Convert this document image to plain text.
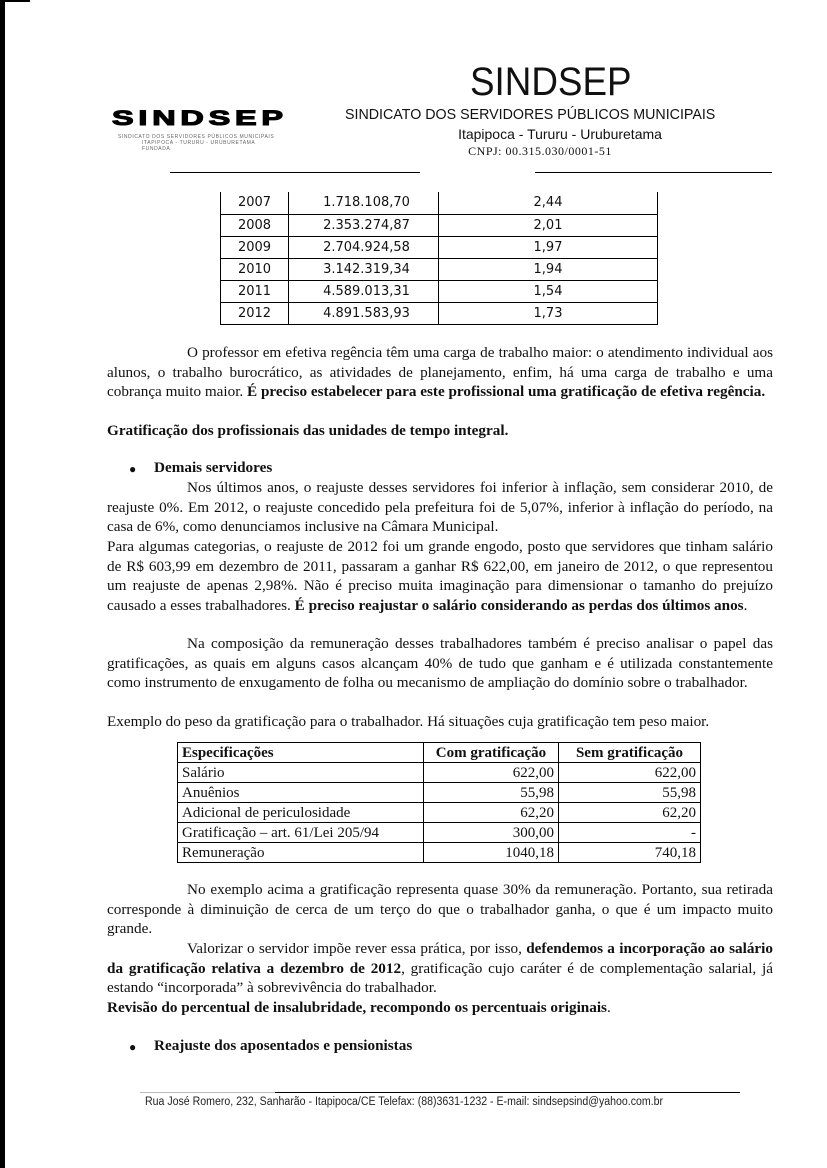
SINDSEP
SINDICATO DOS SERVIDORES PÚBLICOS MUNICIPAIS
ITAPIPOCA - TURURU - URUBURETAMA
FUNDADA
SINDSEP
SINDICATO DOS SERVIDORES PÚBLICOS MUNICIPAIS
Itapipoca - Tururu - Uruburetama
CNPJ: 00.315.030/0001-51
2007	1.718.108,70	2,44
2008	2.353.274,87	2,01
2009	2.704.924,58	1,97
2010	3.142.319,34	1,94
2011	4.589.013,31	1,54
2012	4.891.583,93	1,73
O professor em efetiva regência têm uma carga de trabalho maior: o atendimento individual aos alunos, o trabalho burocrático, as atividades de planejamento, enfim, há uma carga de trabalho e uma cobrança muito maior. É preciso estabelecer para este profissional uma gratificação de efetiva regência.
Gratificação dos profissionais das unidades de tempo integral.
● Demais servidores
Nos últimos anos, o reajuste desses servidores foi inferior à inflação, sem considerar 2010, de reajuste 0%. Em 2012, o reajuste concedido pela prefeitura foi de 5,07%, inferior à inflação do período, na casa de 6%, como denunciamos inclusive na Câmara Municipal.
Para algumas categorias, o reajuste de 2012 foi um grande engodo, posto que servidores que tinham salário de R$ 603,99 em dezembro de 2011, passaram a ganhar R$ 622,00, em janeiro de 2012, o que representou um reajuste de apenas 2,98%. Não é preciso muita imaginação para dimensionar o tamanho do prejuízo causado a esses trabalhadores. É preciso reajustar o salário considerando as perdas dos últimos anos.
Na composição da remuneração desses trabalhadores também é preciso analisar o papel das gratificações, as quais em alguns casos alcançam 40% de tudo que ganham e é utilizada constantemente como instrumento de enxugamento de folha ou mecanismo de ampliação do domínio sobre o trabalhador.
Exemplo do peso da gratificação para o trabalhador. Há situações cuja gratificação tem peso maior.
Especificações	Com gratificação	Sem gratificação
Salário	622,00	622,00
Anuênios	55,98	55,98
Adicional de periculosidade	62,20	62,20
Gratificação – art. 61/Lei 205/94	300,00	-
Remuneração	1040,18	740,18
No exemplo acima a gratificação representa quase 30% da remuneração. Portanto, sua retirada corresponde à diminuição de cerca de um terço do que o trabalhador ganha, o que é um impacto muito grande.
Valorizar o servidor impõe rever essa prática, por isso, defendemos a incorporação ao salário da gratificação relativa a dezembro de 2012, gratificação cujo caráter é de complementação salarial, já estando “incorporada” à sobrevivência do trabalhador.
Revisão do percentual de insalubridade, recompondo os percentuais originais.
● Reajuste dos aposentados e pensionistas
Rua José Romero, 232, Sanharão - Itapipoca/CE Telefax: (88)3631-1232 - E-mail: sindsepsind@yahoo.com.br
